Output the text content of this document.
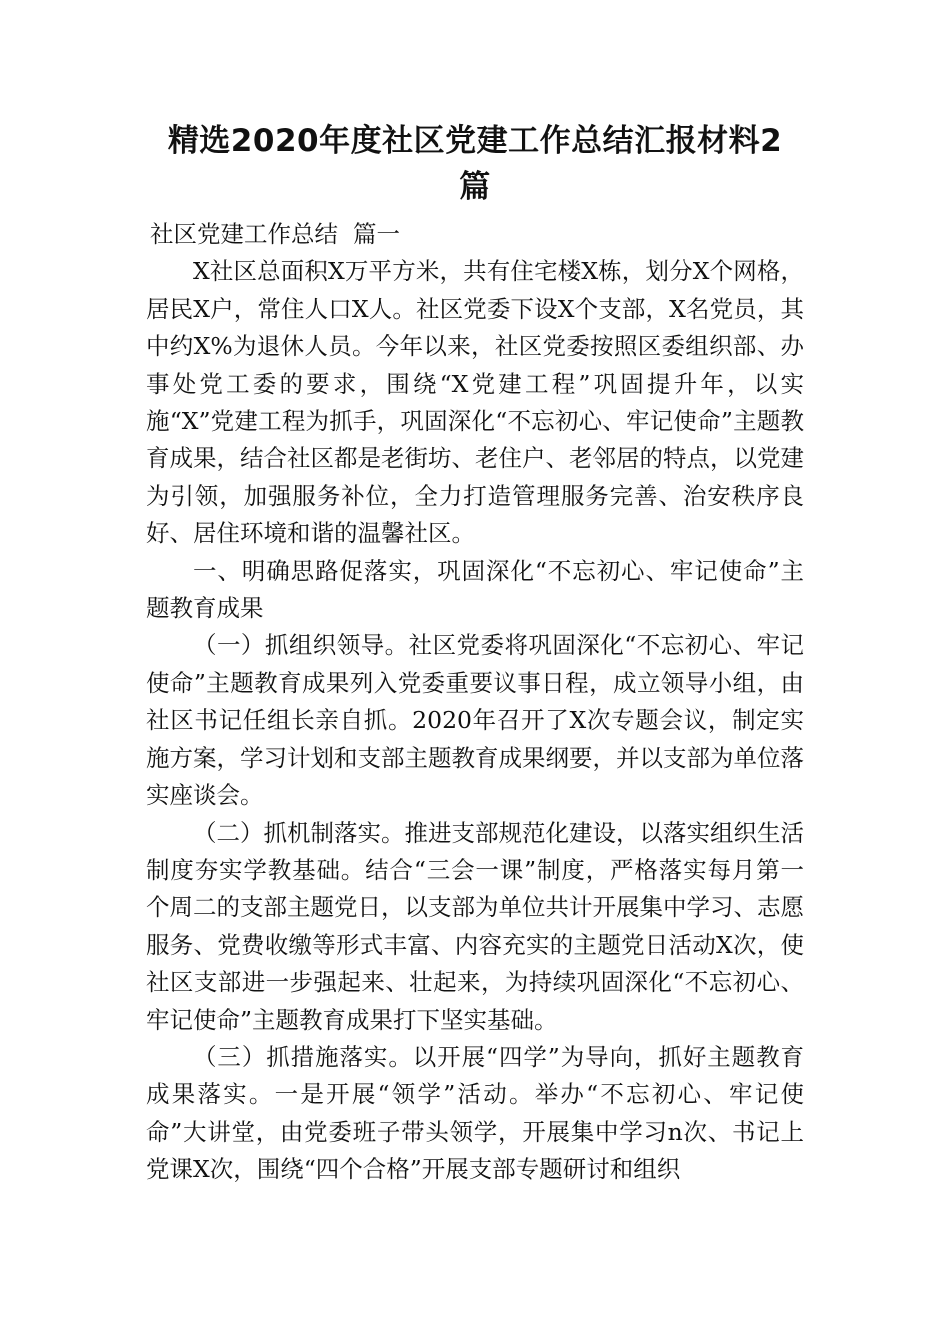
精选2020年度社区党建工作总结汇报材料2
篇

社区党建工作总结  篇一

X社区总面积X万平方米，共有住宅楼X栋，划分X个网格，居民X户，常住人口X人。社区党委下设X个支部，X名党员，其中约X%为退休人员。今年以来，社区党委按照区委组织部、办事处党工委的要求，围绕“X党建工程”巩固提升年，以实施“X”党建工程为抓手，巩固深化“不忘初心、牢记使命”主题教育成果，结合社区都是老街坊、老住户、老邻居的特点，以党建为引领，加强服务补位，全力打造管理服务完善、治安秩序良好、居住环境和谐的温馨社区。

一、明确思路促落实，巩固深化“不忘初心、牢记使命”主题教育成果

（一）抓组织领导。社区党委将巩固深化“不忘初心、牢记使命”主题教育成果列入党委重要议事日程，成立领导小组，由社区书记任组长亲自抓。2020年召开了X次专题会议，制定实施方案，学习计划和支部主题教育成果纲要，并以支部为单位落实座谈会。

（二）抓机制落实。推进支部规范化建设，以落实组织生活制度夯实学教基础。结合“三会一课”制度，严格落实每月第一个周二的支部主题党日，以支部为单位共计开展集中学习、志愿服务、党费收缴等形式丰富、内容充实的主题党日活动X次，使社区支部进一步强起来、壮起来，为持续巩固深化“不忘初心、牢记使命”主题教育成果打下坚实基础。

（三）抓措施落实。以开展“四学”为导向，抓好主题教育成果落实。一是开展“领学”活动。举办“不忘初心、牢记使命”大讲堂，由党委班子带头领学，开展集中学习n次、书记上党课X次，围绕“四个合格”开展支部专题研讨和组织
